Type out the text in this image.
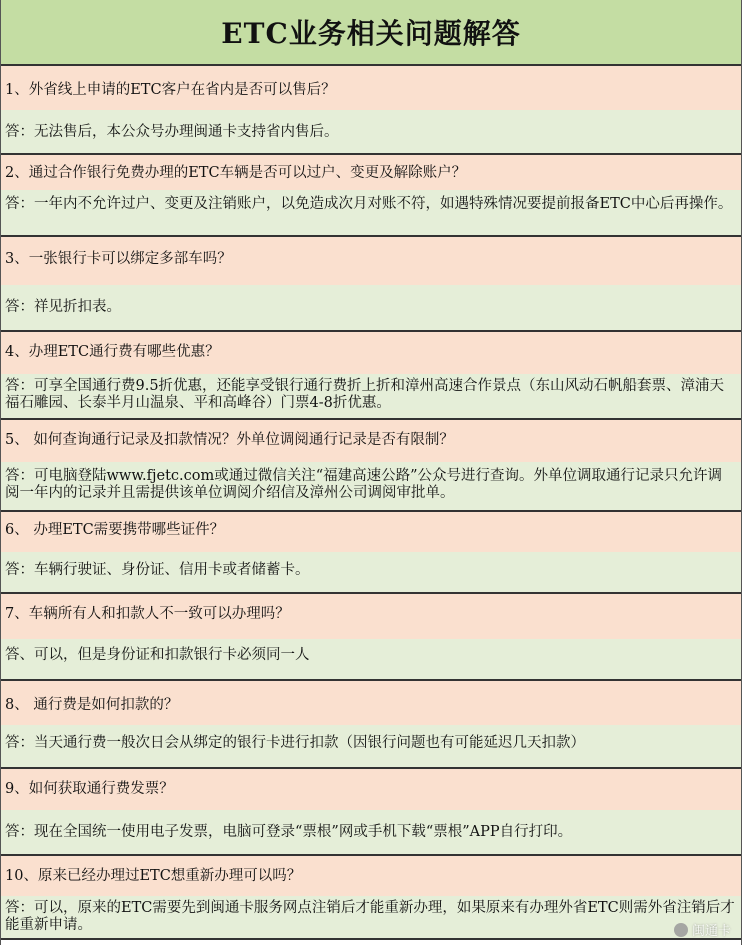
ETC业务相关问题解答
1、外省线上申请的ETC客户在省内是否可以售后？
答：无法售后，本公众号办理闽通卡支持省内售后。
2、通过合作银行免费办理的ETC车辆是否可以过户、变更及解除账户？
答：一年内不允许过户、变更及注销账户，以免造成次月对账不符，如遇特殊情况要提前报备ETC中心后再操作。
3、一张银行卡可以绑定多部车吗？
答：祥见折扣表。
4、办理ETC通行费有哪些优惠？
答：可享全国通行费9.5折优惠，还能享受银行通行费折上折和漳州高速合作景点（东山风动石帆船套票、漳浦天福石雕园、长泰半月山温泉、平和高峰谷）门票4-8折优惠。
5、 如何查询通行记录及扣款情况？外单位调阅通行记录是否有限制？
答：可电脑登陆www.fjetc.com或通过微信关注“福建高速公路”公众号进行查询。外单位调取通行记录只允许调阅一年内的记录并且需提供该单位调阅介绍信及漳州公司调阅审批单。
6、 办理ETC需要携带哪些证件？
答：车辆行驶证、身份证、信用卡或者储蓄卡。
7、车辆所有人和扣款人不一致可以办理吗？
答、可以，但是身份证和扣款银行卡必须同一人
8、 通行费是如何扣款的？
答：当天通行费一般次日会从绑定的银行卡进行扣款（因银行问题也有可能延迟几天扣款）
9、如何获取通行费发票？
答：现在全国统一使用电子发票，电脑可登录“票根”网或手机下载“票根”APP自行打印。
10、原来已经办理过ETC想重新办理可以吗？
答：可以，原来的ETC需要先到闽通卡服务网点注销后才能重新办理，如果原来有办理外省ETC则需外省注销后才能重新申请。	闽通卡
